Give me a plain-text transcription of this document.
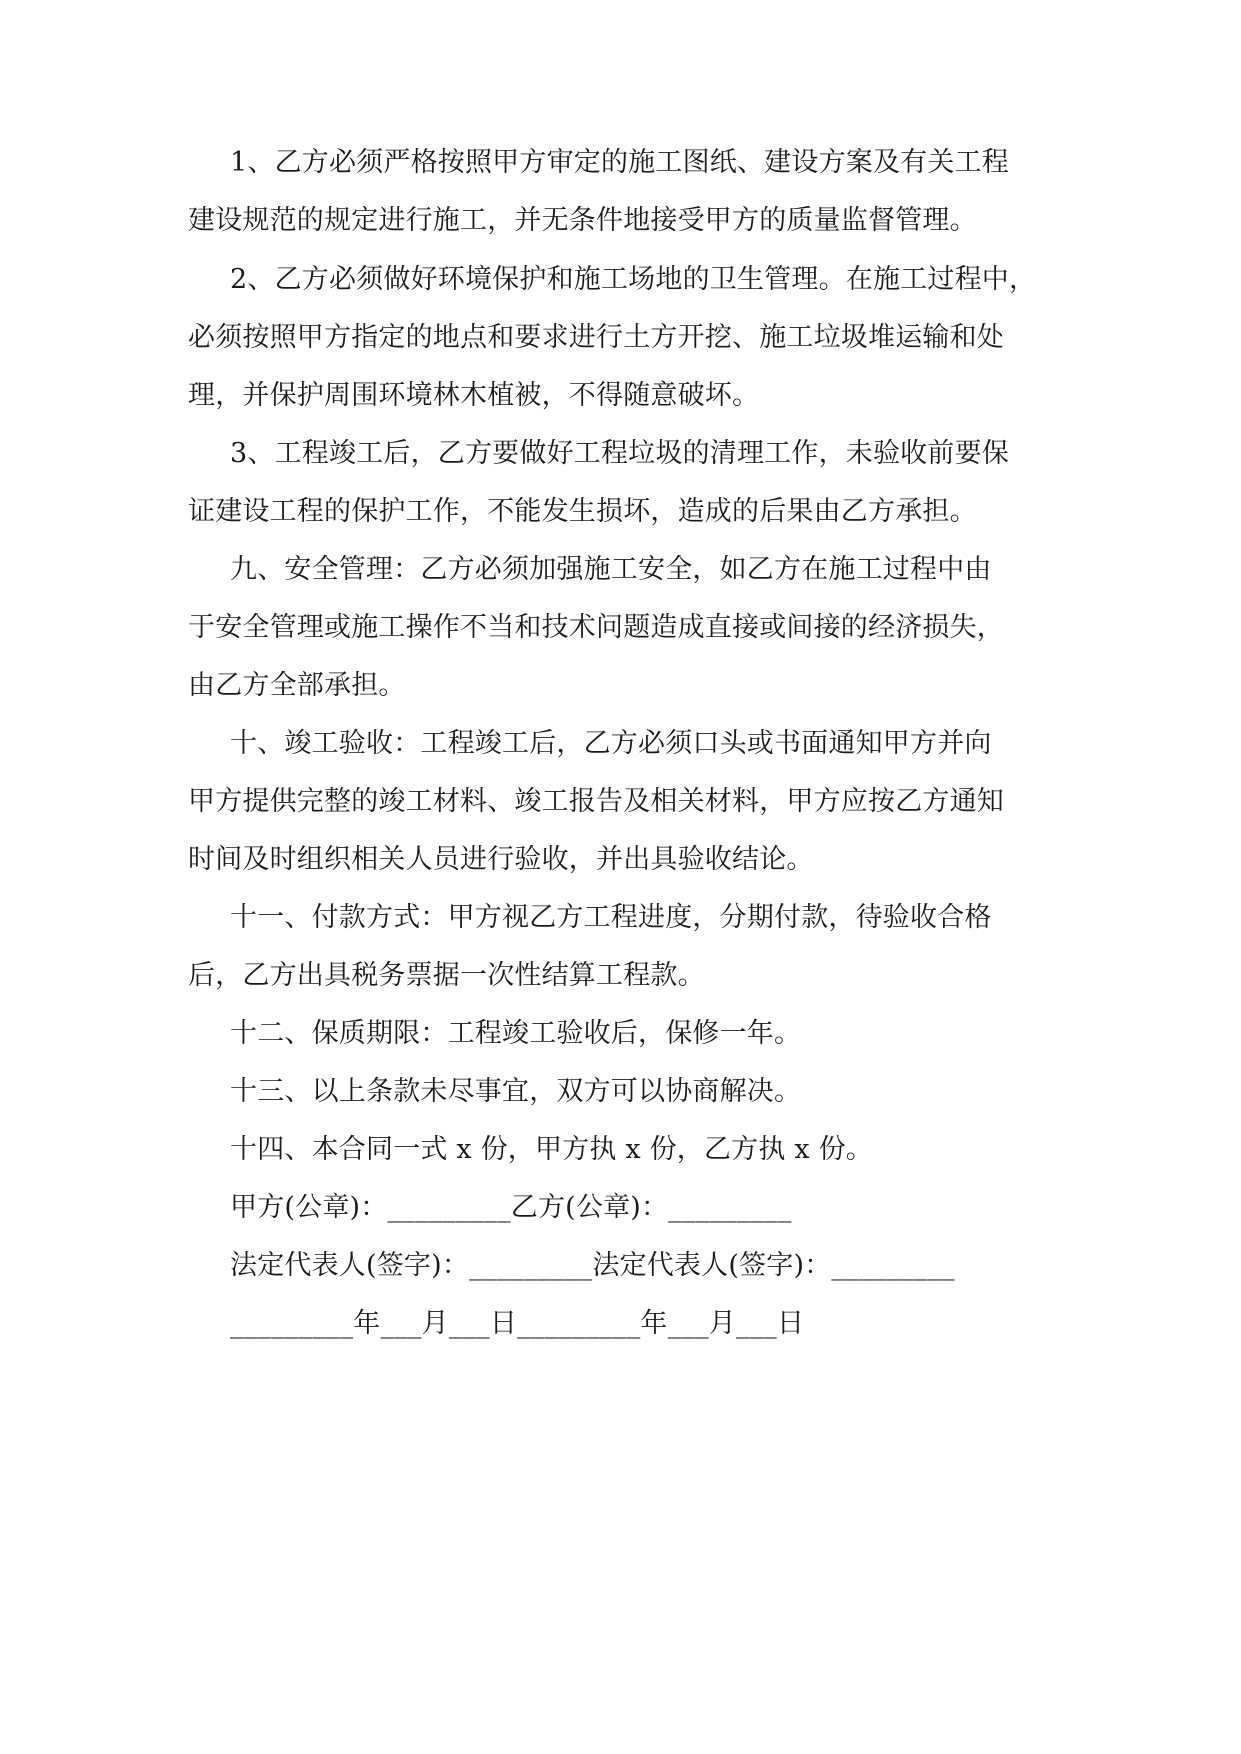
1、乙方必须严格按照甲方审定的施工图纸、建设方案及有关工程
建设规范的规定进行施工，并无条件地接受甲方的质量监督管理。
2、乙方必须做好环境保护和施工场地的卫生管理。在施工过程中，
必须按照甲方指定的地点和要求进行土方开挖、施工垃圾堆运输和处
理，并保护周围环境林木植被，不得随意破坏。
3、工程竣工后，乙方要做好工程垃圾的清理工作，未验收前要保
证建设工程的保护工作，不能发生损坏，造成的后果由乙方承担。
九、安全管理：乙方必须加强施工安全，如乙方在施工过程中由
于安全管理或施工操作不当和技术问题造成直接或间接的经济损失，
由乙方全部承担。
十、竣工验收：工程竣工后，乙方必须口头或书面通知甲方并向
甲方提供完整的竣工材料、竣工报告及相关材料，甲方应按乙方通知
时间及时组织相关人员进行验收，并出具验收结论。
十一、付款方式：甲方视乙方工程进度，分期付款，待验收合格
后，乙方出具税务票据一次性结算工程款。
十二、保质期限：工程竣工验收后，保修一年。
十三、以上条款未尽事宜，双方可以协商解决。
十四、本合同一式 x 份，甲方执 x 份，乙方执 x 份。
甲方(公章)：_________乙方(公章)：_________
法定代表人(签字)：_________法定代表人(签字)：_________
_________年___月___日_________年___月___日
